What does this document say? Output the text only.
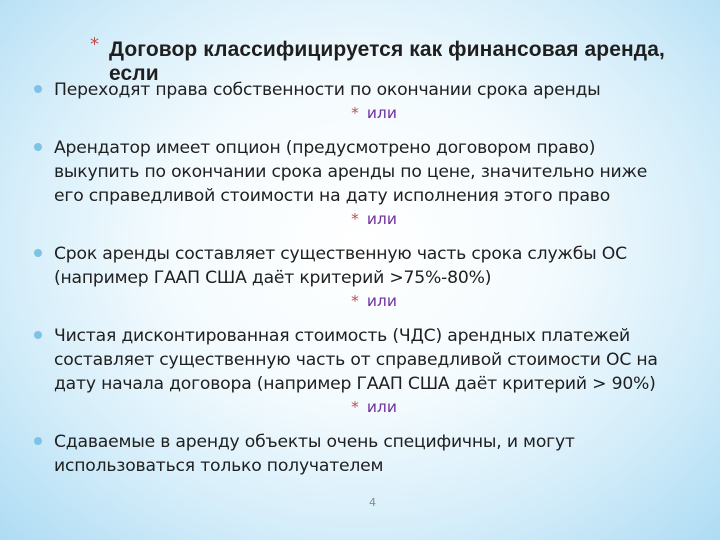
* Договор классифицируется как финансовая аренда, если
Переходят права собственности по окончании срока аренды
* или
Арендатор имеет опцион (предусмотрено договором право)
выкупить по окончании срока аренды по цене, значительно ниже
его справедливой стоимости на дату исполнения этого право
* или
Срок аренды составляет существенную часть срока службы ОС
(например ГААП США даёт критерий >75%-80%)
* или
Чистая дисконтированная стоимость (ЧДС) арендных платежей
составляет существенную часть от справедливой стоимости ОС на
дату начала договора (например ГААП США даёт критерий > 90%)
* или
Сдаваемые в аренду объекты очень специфичны, и могут
использоваться только получателем
4
